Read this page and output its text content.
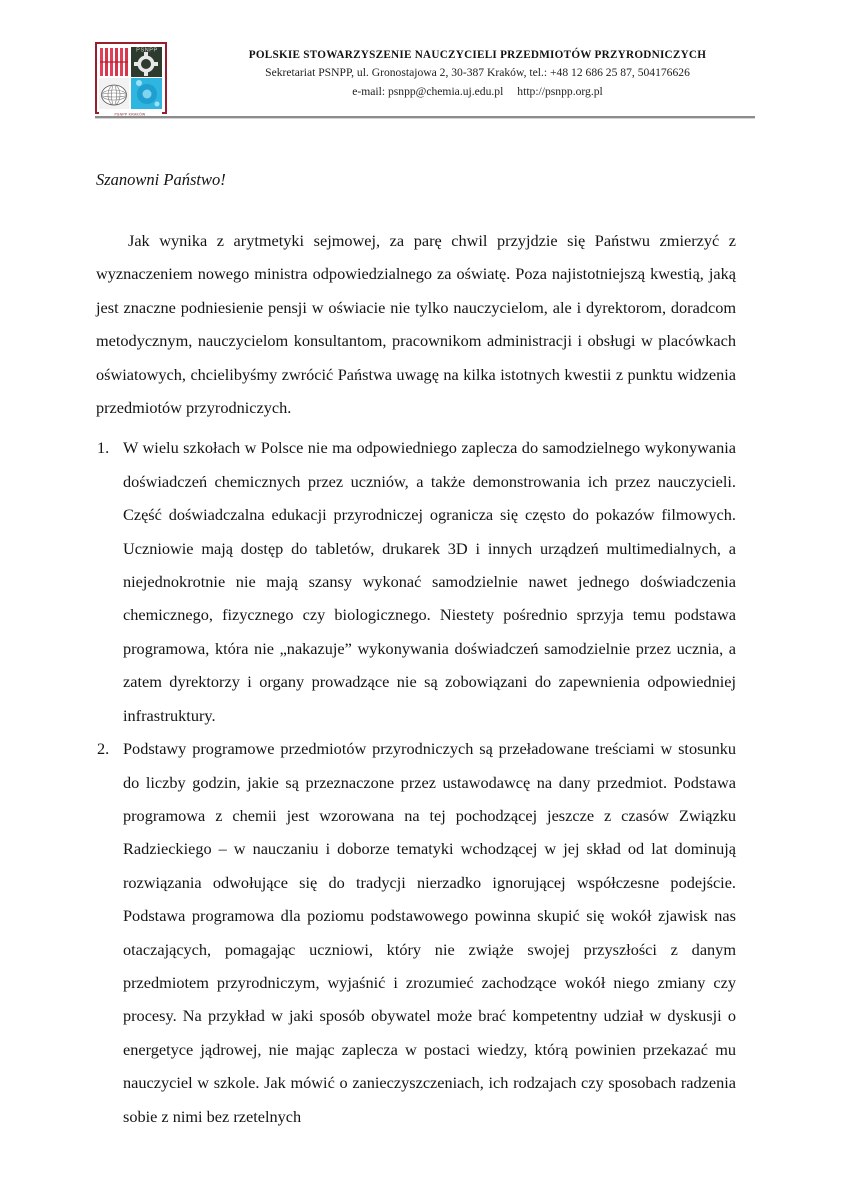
PSNPP
PSNPP KRAKÓW
POLSKIE STOWARZYSZENIE NAUCZYCIELI PRZEDMIOTÓW PRZYRODNICZYCH
Sekretariat PSNPP, ul. Gronostajowa 2, 30-387 Kraków, tel.: +48 12 686 25 87, 504176626
e-mail: psnpp@chemia.uj.edu.pl http://psnpp.org.pl
Szanowni Państwo!

Jak wynika z arytmetyki sejmowej, za parę chwil przyjdzie się Państwu zmierzyć z wyznaczeniem nowego ministra odpowiedzialnego za oświatę. Poza najistotniejszą kwestią, jaką jest znaczne podniesienie pensji w oświacie nie tylko nauczycielom, ale i dyrektorom, doradcom metodycznym, nauczycielom konsultantom, pracownikom administracji i obsługi w placówkach oświatowych, chcielibyśmy zwrócić Państwa uwagę na kilka istotnych kwestii z punktu widzenia przedmiotów przyrodniczych.

W wielu szkołach w Polsce nie ma odpowiedniego zaplecza do samodzielnego wykonywania doświadczeń chemicznych przez uczniów, a także demonstrowania ich przez nauczycieli. Część doświadczalna edukacji przyrodniczej ogranicza się często do pokazów filmowych. Uczniowie mają dostęp do tabletów, drukarek 3D i innych urządzeń multimedialnych, a niejednokrotnie nie mają szansy wykonać samodzielnie nawet jednego doświadczenia chemicznego, fizycznego czy biologicznego. Niestety pośrednio sprzyja temu podstawa programowa, która nie „nakazuje” wykonywania doświadczeń samodzielnie przez ucznia, a zatem dyrektorzy i organy prowadzące nie są zobowiązani do zapewnienia odpowiedniej infrastruktury.
Podstawy programowe przedmiotów przyrodniczych są przeładowane treściami w stosunku do liczby godzin, jakie są przeznaczone przez ustawodawcę na dany przedmiot. Podstawa programowa z chemii jest wzorowana na tej pochodzącej jeszcze z czasów Związku Radzieckiego – w nauczaniu i doborze tematyki wchodzącej w jej skład od lat dominują rozwiązania odwołujące się do tradycji nierzadko ignorującej współczesne podejście. Podstawa programowa dla poziomu podstawowego powinna skupić się wokół zjawisk nas otaczających, pomagając uczniowi, który nie zwiąże swojej przyszłości z danym przedmiotem przyrodniczym, wyjaśnić i zrozumieć zachodzące wokół niego zmiany czy procesy. Na przykład w jaki sposób obywatel może brać kompetentny udział w dyskusji o energetyce jądrowej, nie mając zaplecza w postaci wiedzy, którą powinien przekazać mu nauczyciel w szkole. Jak mówić o zanieczyszczeniach, ich rodzajach czy sposobach radzenia sobie z nimi bez rzetelnych
